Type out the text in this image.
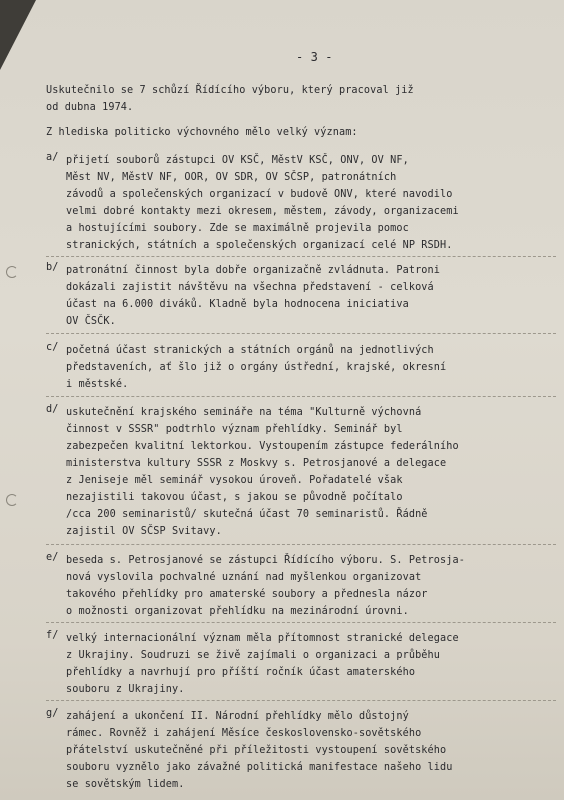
- 3 -
Uskutečnilo se 7 schůzí Řídícího výboru, který pracoval již
od dubna 1974.
Z hlediska politicko výchovného mělo velký význam:
a/ přijetí souborů zástupci OV KSČ, MěstV KSČ, ONV, OV NF,
Měst NV, MěstV NF, OOR, OV SDR, OV SČSP, patronátních
závodů a společenských organizací v budově ONV, které navodilo
velmi dobré kontakty mezi okresem, městem, závody, organizacemi
a hostujícími soubory. Zde se maximálně projevila pomoc
stranických, státních a společenských organizací celé NP RSDH.
b/ patronátní činnost byla dobře organizačně zvládnuta. Patroni
dokázali zajistit návštěvu na všechna představení - celková
účast na 6.000 diváků. Kladně byla hodnocena iniciativa
OV ČSČK.
c/ početná účast stranických a státních orgánů na jednotlivých
představeních, ať šlo již o orgány ústřední, krajské, okresní
i městské.
d/ uskutečnění krajského semináře na téma "Kulturně výchovná
činnost v SSSR" podtrhlo význam přehlídky. Seminář byl
zabezpečen kvalitní lektorkou. Vystoupením zástupce federálního
ministerstva kultury SSSR z Moskvy s. Petrosjanové a delegace
z Jeniseje měl seminář vysokou úroveň. Pořadatelé však
nezajistili takovou účast, s jakou se původně počítalo
/cca 200 seminaristů/ skutečná účast 70 seminaristů. Řádně
zajistil OV SČSP Svitavy.
e/ beseda s. Petrosjanové se zástupci Řídícího výboru. S. Petrosja-
nová vyslovila pochvalné uznání nad myšlenkou organizovat
takového přehlídky pro amaterské soubory a přednesla názor
o možnosti organizovat přehlídku na mezinárodní úrovni.
f/ velký internacionální význam měla přítomnost stranické delegace
z Ukrajiny. Soudruzi se živě zajímali o organizaci a průběhu
přehlídky a navrhují pro příští ročník účast amaterského
souboru z Ukrajiny.
g/ zahájení a ukončení II. Národní přehlídky mělo důstojný
rámec. Rovněž i zahájení Měsíce československo-sovětského
přátelství uskutečněné při příležitosti vystoupení sovětského
souboru vyznělo jako závažné politická manifestace našeho lidu
se sovětským lidem.
